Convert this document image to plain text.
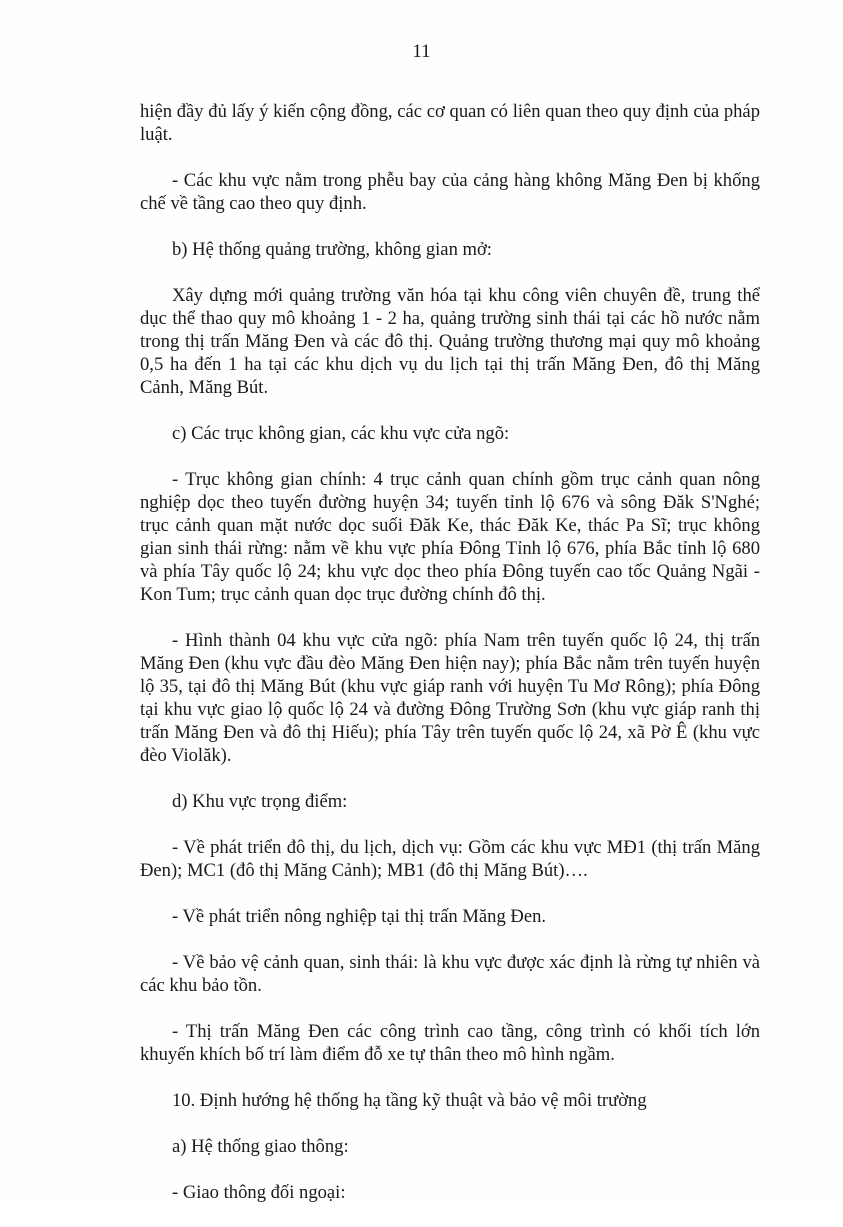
11

hiện đầy đủ lấy ý kiến cộng đồng, các cơ quan có liên quan theo quy định của pháp luật.

- Các khu vực nằm trong phễu bay của cảng hàng không Măng Đen bị khống chế về tầng cao theo quy định.

b) Hệ thống quảng trường, không gian mở:

Xây dựng mới quảng trường văn hóa tại khu công viên chuyên đề, trung thể dục thể thao quy mô khoảng 1 - 2 ha, quảng trường sinh thái tại các hồ nước nằm trong thị trấn Măng Đen và các đô thị. Quảng trường thương mại quy mô khoảng 0,5 ha đến 1 ha tại các khu dịch vụ du lịch tại thị trấn Măng Đen, đô thị Măng Cảnh, Măng Bút.

c) Các trục không gian, các khu vực cửa ngõ:

- Trục không gian chính: 4 trục cảnh quan chính gồm trục cảnh quan nông nghiệp dọc theo tuyến đường huyện 34; tuyến tỉnh lộ 676 và sông Đăk S'Nghé; trục cảnh quan mặt nước dọc suối Đăk Ke, thác Đăk Ke, thác Pa Sĩ; trục không gian sinh thái rừng: nằm về khu vực phía Đông Tỉnh lộ 676, phía Bắc tỉnh lộ 680 và phía Tây quốc lộ 24; khu vực dọc theo phía Đông tuyến cao tốc Quảng Ngãi - Kon Tum; trục cảnh quan dọc trục đường chính đô thị.

- Hình thành 04 khu vực cửa ngõ: phía Nam trên tuyến quốc lộ 24, thị trấn Măng Đen (khu vực đầu đèo Măng Đen hiện nay); phía Bắc nằm trên tuyến huyện lộ 35, tại đô thị Măng Bút (khu vực giáp ranh với huyện Tu Mơ Rông); phía Đông tại khu vực giao lộ quốc lộ 24 và đường Đông Trường Sơn (khu vực giáp ranh thị trấn Măng Đen và đô thị Hiếu); phía Tây trên tuyến quốc lộ 24, xã Pờ Ê (khu vực đèo Violăk).

d) Khu vực trọng điểm:

- Về phát triển đô thị, du lịch, dịch vụ: Gồm các khu vực MĐ1 (thị trấn Măng Đen); MC1 (đô thị Măng Cảnh); MB1 (đô thị Măng Bút)….

- Về phát triển nông nghiệp tại thị trấn Măng Đen.

- Về bảo vệ cảnh quan, sinh thái: là khu vực được xác định là rừng tự nhiên và các khu bảo tồn.

- Thị trấn Măng Đen các công trình cao tầng, công trình có khối tích lớn khuyến khích bố trí làm điểm đỗ xe tự thân theo mô hình ngầm.

10. Định hướng hệ thống hạ tầng kỹ thuật và bảo vệ môi trường

a) Hệ thống giao thông:

- Giao thông đối ngoại:
